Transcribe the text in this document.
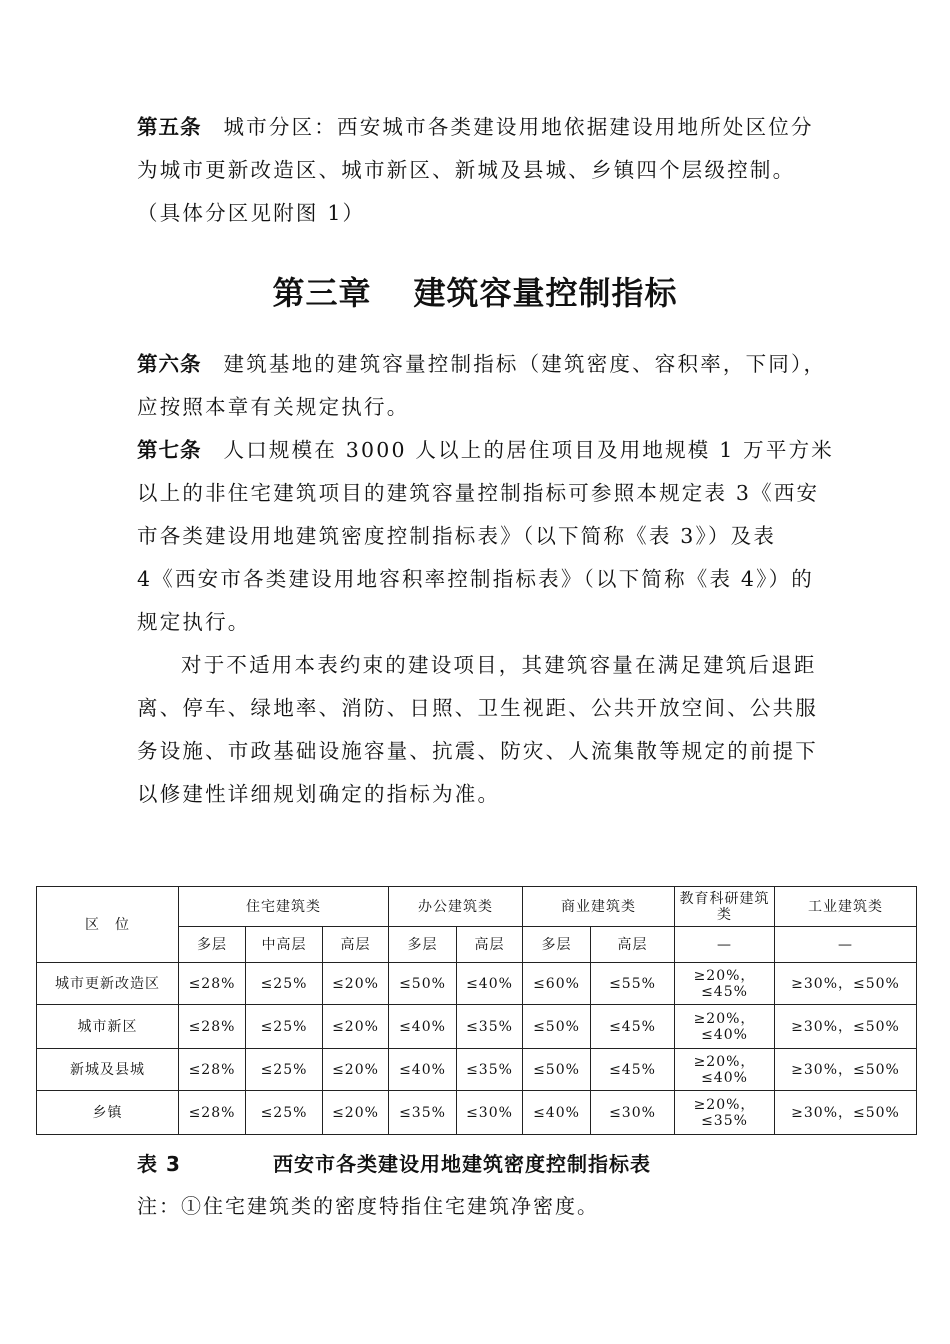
第五条 城市分区：西安城市各类建设用地依据建设用地所处区位分
为城市更新改造区、城市新区、新城及县城、乡镇四个层级控制。
（具体分区见附图 1）
第三章 建筑容量控制指标
第六条 建筑基地的建筑容量控制指标（建筑密度、容积率，下同），
应按照本章有关规定执行。
第七条 人口规模在 3000 人以上的居住项目及用地规模 1 万平方米
以上的非住宅建筑项目的建筑容量控制指标可参照本规定表 3《西安
市各类建设用地建筑密度控制指标表》（以下简称《表 3》）及表
4《西安市各类建设用地容积率控制指标表》（以下简称《表 4》）的
规定执行。
对于不适用本表约束的建设项目，其建筑容量在满足建筑后退距
离、停车、绿地率、消防、日照、卫生视距、公共开放空间、公共服
务设施、市政基础设施容量、抗震、防灾、人流集散等规定的前提下
以修建性详细规划确定的指标为准。
区　位	住宅建筑类			办公建筑类		商业建筑类		教育科研建筑类	工业建筑类
	多层	中高层	高层	多层	高层	多层	高层	—	—
城市更新改造区	≤28%	≤25%	≤20%	≤50%	≤40%	≤60%	≤55%	≥20%，≤45%	≥30%，≤50%
城市新区	≤28%	≤25%	≤20%	≤40%	≤35%	≤50%	≤45%	≥20%，≤40%	≥30%，≤50%
新城及县城	≤28%	≤25%	≤20%	≤40%	≤35%	≤50%	≤45%	≥20%，≤40%	≥30%，≤50%
乡镇	≤28%	≤25%	≤20%	≤35%	≤30%	≤40%	≤30%	≥20%，≤35%	≥30%，≤50%
表 3	西安市各类建设用地建筑密度控制指标表
注：①住宅建筑类的密度特指住宅建筑净密度。
